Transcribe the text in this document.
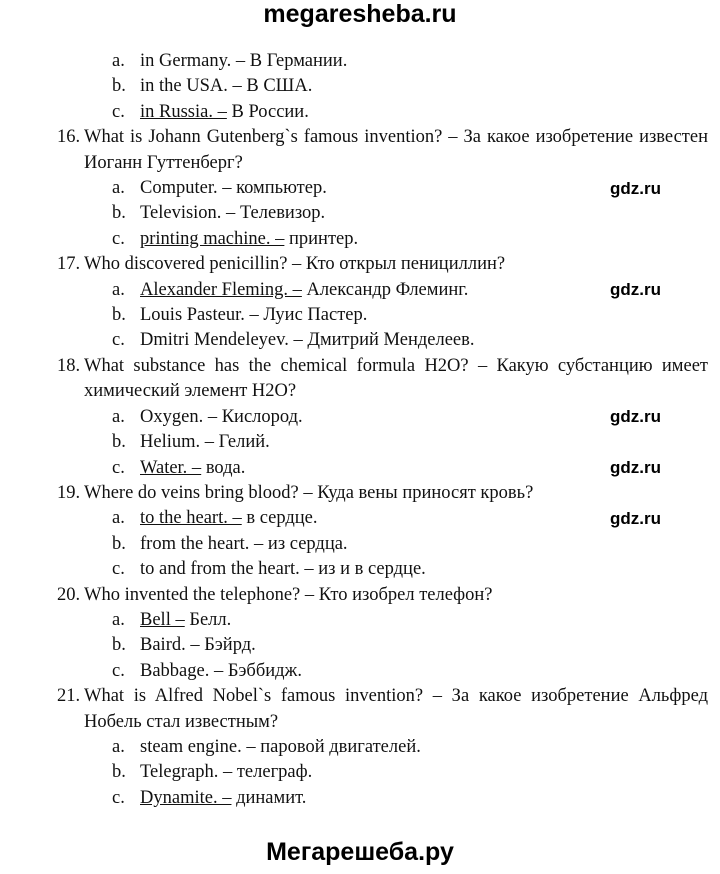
megaresheba.ru
a. in Germany. – В Германии.
b. in the USA. – В США.
c. in Russia. – В России.
16. What is Johann Gutenberg`s famous invention? – За какое изобретение известен Иоганн Гуттенберг?
a. Computer. – компьютер.
b. Television. – Телевизор.
c. printing machine. – принтер.
17. Who discovered penicillin? – Кто открыл пенициллин?
a. Alexander Fleming. – Александр Флеминг.
b. Louis Pasteur. – Луис Пастер.
c. Dmitri Mendeleyev. – Дмитрий Менделеев.
18. What substance has the chemical formula H2O? – Какую субстанцию имеет химический элемент H2O?
a. Oxygen. – Кислород.
b. Helium. – Гелий.
c. Water. – вода.
19. Where do veins bring blood? – Куда вены приносят кровь?
a. to the heart. – в сердце.
b. from the heart. – из сердца.
c. to and from the heart. – из и в сердце.
20. Who invented the telephone? – Кто изобрел телефон?
a. Bell – Белл.
b. Baird. – Бэйрд.
c. Babbage. – Бэббидж.
21. What is Alfred Nobel`s famous invention? – За какое изобретение Альфред Нобель стал известным?
a. steam engine. – паровой двигателей.
b. Telegraph. – телеграф.
c. Dynamite. – динамит.
Мегарешеба.ру
gdz.ru
gdz.ru
gdz.ru
gdz.ru
gdz.ru
